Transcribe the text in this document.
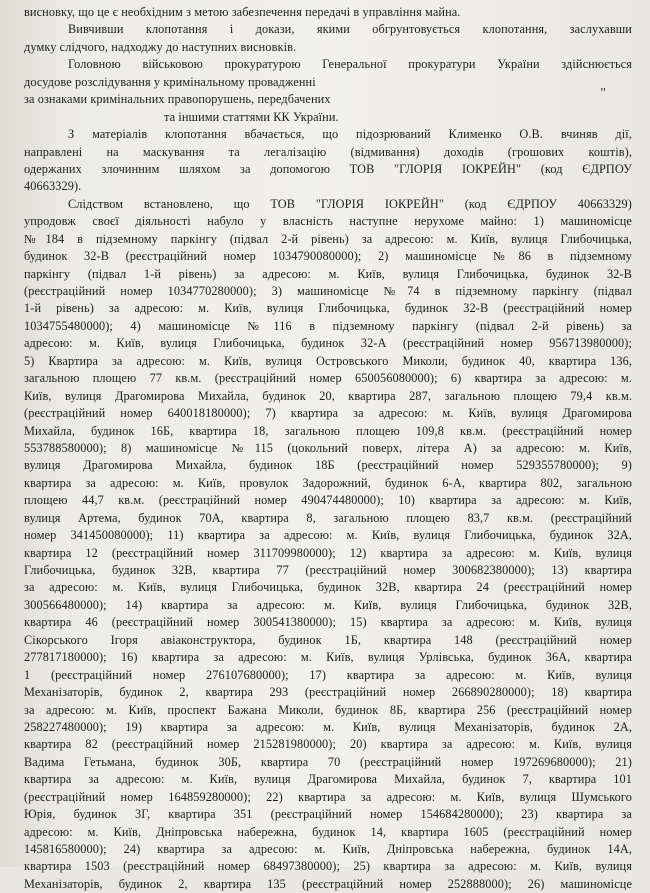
висновку, що це є необхідним з метою забезпечення передачі в управління майна.
Вивчивши клопотання і докази, якими обгрунтовується клопотання, заслухавши
думку слідчого, надходжу до наступних висновків.
Головною військовою прокуратурою Генеральної прокуратури України здійснюється
досудове розслідування у кримінальному провадженні
за ознаками кримінальних правопорушень, передбачених
та іншими статтями КК України.
З матеріалів клопотання вбачається, що підозрюваний Клименко О.В. вчиняв дії,
направлені на маскування та легалізацію (відмивання) доходів (грошових коштів),
одержаних злочинним шляхом за допомогою ТОВ "ГЛОРІЯ ІОКРЕЙН" (код ЄДРПОУ
40663329).
Слідством встановлено, що ТОВ "ГЛОРІЯ ІОКРЕЙН" (код ЄДРПОУ 40663329)
упродовж своєї діяльності набуло у власність наступне нерухоме майно: 1) машиномісце
№184 в підземному паркінгу (підвал 2-й рівень) за адресою: м. Київ, вулиця Глибочицька,
будинок 32-В (реєстраційний номер 1034790080000); 2) машиномісце №86 в підземному
паркінгу (підвал 1-й рівень) за адресою: м. Київ, вулиця Глибочицька, будинок 32-В
(реєстраційний номер 1034770280000); 3) машиномісце №74 в підземному паркінгу (підвал
1-й рівень) за адресою: м. Київ, вулиця Глибочицька, будинок 32-В (реєстраційний номер
1034755480000); 4) машиномісце №116 в підземному паркінгу (підвал 2-й рівень) за
адресою: м. Київ, вулиця Глибочицька, будинок 32-А (реєстраційний номер 956713980000);
5) Квартира за адресою: м. Київ, вулиця Островського Миколи, будинок 40, квартира 136,
загальною площею 77 кв.м. (реєстраційний номер 650056080000); 6) квартира за адресою: м.
Київ, вулиця Драгомирова Михайла, будинок 20, квартира 287, загальною площею 79,4 кв.м.
(реєстраційний номер 640018180000); 7) квартира за адресою: м. Київ, вулиця Драгомирова
Михайла, будинок 16Б, квартира 18, загальною площею 109,8 кв.м. (реєстраційний номер
553788580000); 8) машиномісце №115 (цокольний поверх, літера А) за адресою: м. Київ,
вулиця Драгомирова Михайла, будинок 18Б (реєстраційний номер 529355780000); 9)
квартира за адресою: м. Київ, провулок Задорожний, будинок 6-А, квартира 802, загальною
площею 44,7 кв.м. (реєстраційний номер 490474480000); 10) квартира за адресою: м. Київ,
вулиця Артема, будинок 70А, квартира 8, загальною площею 83,7 кв.м. (реєстраційний
номер 341450080000); 11) квартира за адресою: м. Київ, вулиця Глибочицька, будинок 32А,
квартира 12 (реєстраційний номер 311709980000); 12) квартира за адресою: м. Київ, вулиця
Глибочицька, будинок 32В, квартира 77 (реєстраційний номер 300682380000); 13) квартира
за адресою: м. Київ, вулиця Глибочицька, будинок 32В, квартира 24 (реєстраційний номер
300566480000); 14) квартира за адресою: м. Київ, вулиця Глибочицька, будинок 32В,
квартира 46 (реєстраційний номер 300541380000); 15) квартира за адресою: м. Київ, вулиця
Сікорського Ігоря авіаконструктора, будинок 1Б, квартира 148 (реєстраційний номер
277817180000); 16) квартира за адресою: м. Київ, вулиця Урлівська, будинок 36А, квартира
1 (реєстраційний номер 276107680000); 17) квартира за адресою: м. Київ, вулиця
Механізаторів, будинок 2, квартира 293 (реєстраційний номер 266890280000); 18) квартира
за адресою: м. Київ, проспект Бажана Миколи, будинок 8Б, квартира 256 (реєстраційний номер
258227480000); 19) квартира за адресою: м. Київ, вулиця Механізаторів, будинок 2А,
квартира 82 (реєстраційний номер 215281980000); 20) квартира за адресою: м. Київ, вулиця
Вадима Гетьмана, будинок 30Б, квартира 70 (реєстраційний номер 197269680000); 21)
квартира за адресою: м. Київ, вулиця Драгомирова Михайла, будинок 7, квартира 101
(реєстраційний номер 164859280000); 22) квартира за адресою: м. Київ, вулиця Шумського
Юрія, будинок 3Г, квартира 351 (реєстраційний номер 154684280000); 23) квартира за
адресою: м. Київ, Дніпровська набережна, будинок 14, квартира 1605 (реєстраційний номер
145816580000); 24) квартира за адресою: м. Київ, Дніпровська набережна, будинок 14А,
квартира 1503 (реєстраційний номер 68497380000); 25) квартира за адресою: м. Київ, вулиця
Механізаторів, будинок 2, квартира 135 (реєстраційний номер 252888000); 26) машиномісце
"
